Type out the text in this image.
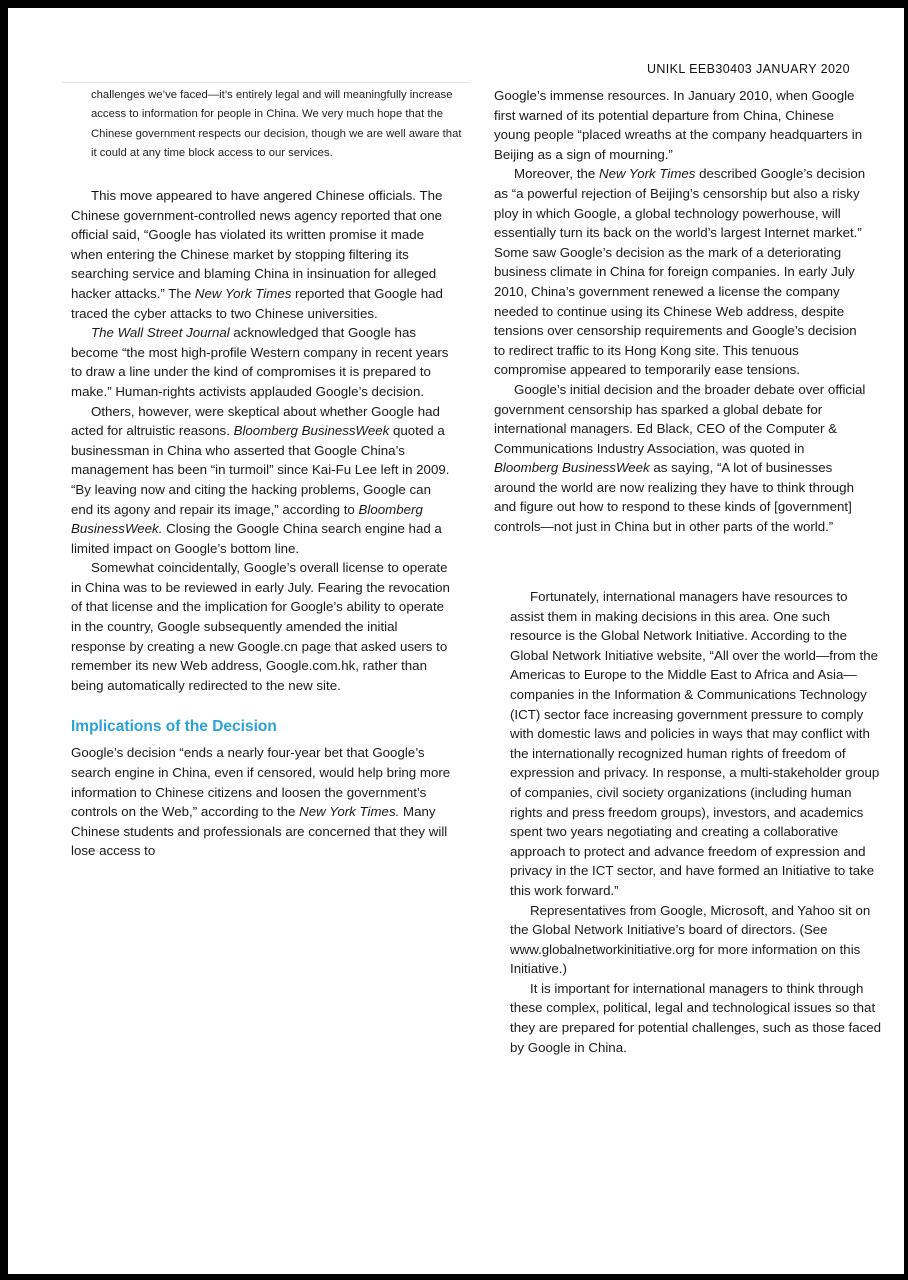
UNIKL EEB30403 JANUARY 2020

challenges we’ve faced—it’s entirely legal and will meaningfully increase access to information for people in China. We very much hope that the Chinese government respects our decision, though we are well aware that it could at any time block access to our services.

This move appeared to have angered Chinese officials. The Chinese government-controlled news agency reported that one official said, “Google has violated its written promise it made when entering the Chinese market by stopping filtering its searching service and blaming China in insinuation for alleged hacker attacks.” The New York Times reported that Google had traced the cyber attacks to two Chinese universities.

The Wall Street Journal acknowledged that Google has become “the most high-profile Western company in recent years to draw a line under the kind of compromises it is prepared to make.” Human-rights activists applauded Google’s decision.

Others, however, were skeptical about whether Google had acted for altruistic reasons. Bloomberg BusinessWeek quoted a businessman in China who asserted that Google China’s management has been “in turmoil” since Kai-Fu Lee left in 2009. “By leaving now and citing the hacking problems, Google can end its agony and repair its image,” according to Bloomberg BusinessWeek. Closing the Google China search engine had a limited impact on Google’s bottom line.

Somewhat coincidentally, Google’s overall license to operate in China was to be reviewed in early July. Fearing the revocation of that license and the implication for Google’s ability to operate in the country, Google subsequently amended the initial response by creating a new Google.cn page that asked users to remember its new Web address, Google.com.hk, rather than being automatically redirected to the new site.

Implications of the Decision

Google’s decision “ends a nearly four-year bet that Google’s search engine in China, even if censored, would help bring more information to Chinese citizens and loosen the government’s controls on the Web,” according to the New York Times. Many Chinese students and professionals are concerned that they will lose access to

Google’s immense resources. In January 2010, when Google first warned of its potential departure from China, Chinese young people “placed wreaths at the company headquarters in Beijing as a sign of mourning.”

Moreover, the New York Times described Google’s decision as “a powerful rejection of Beijing’s censorship but also a risky ploy in which Google, a global technology powerhouse, will essentially turn its back on the world’s largest Internet market.” Some saw Google’s decision as the mark of a deteriorating business climate in China for foreign companies. In early July 2010, China’s government renewed a license the company needed to continue using its Chinese Web address, despite tensions over censorship requirements and Google’s decision to redirect traffic to its Hong Kong site. This tenuous compromise appeared to temporarily ease tensions.

Google’s initial decision and the broader debate over official government censorship has sparked a global debate for international managers. Ed Black, CEO of the Computer & Communications Industry Association, was quoted in Bloomberg BusinessWeek as saying, “A lot of businesses around the world are now realizing they have to think through and figure out how to respond to these kinds of [government] controls—not just in China but in other parts of the world.”

Fortunately, international managers have resources to assist them in making decisions in this area. One such resource is the Global Network Initiative. According to the Global Network Initiative website, “All over the world—from the Americas to Europe to the Middle East to Africa and Asia—companies in the Information & Communications Technology (ICT) sector face increasing government pressure to comply with domestic laws and policies in ways that may conflict with the internationally recognized human rights of freedom of expression and privacy. In response, a multi-stakeholder group of companies, civil society organizations (including human rights and press freedom groups), investors, and academics spent two years negotiating and creating a collaborative approach to protect and advance freedom of expression and privacy in the ICT sector, and have formed an Initiative to take this work forward.”

Representatives from Google, Microsoft, and Yahoo sit on the Global Network Initiative’s board of directors. (See www.globalnetworkinitiative.org for more information on this Initiative.)

It is important for international managers to think through these complex, political, legal and technological issues so that they are prepared for potential challenges, such as those faced by Google in China.
